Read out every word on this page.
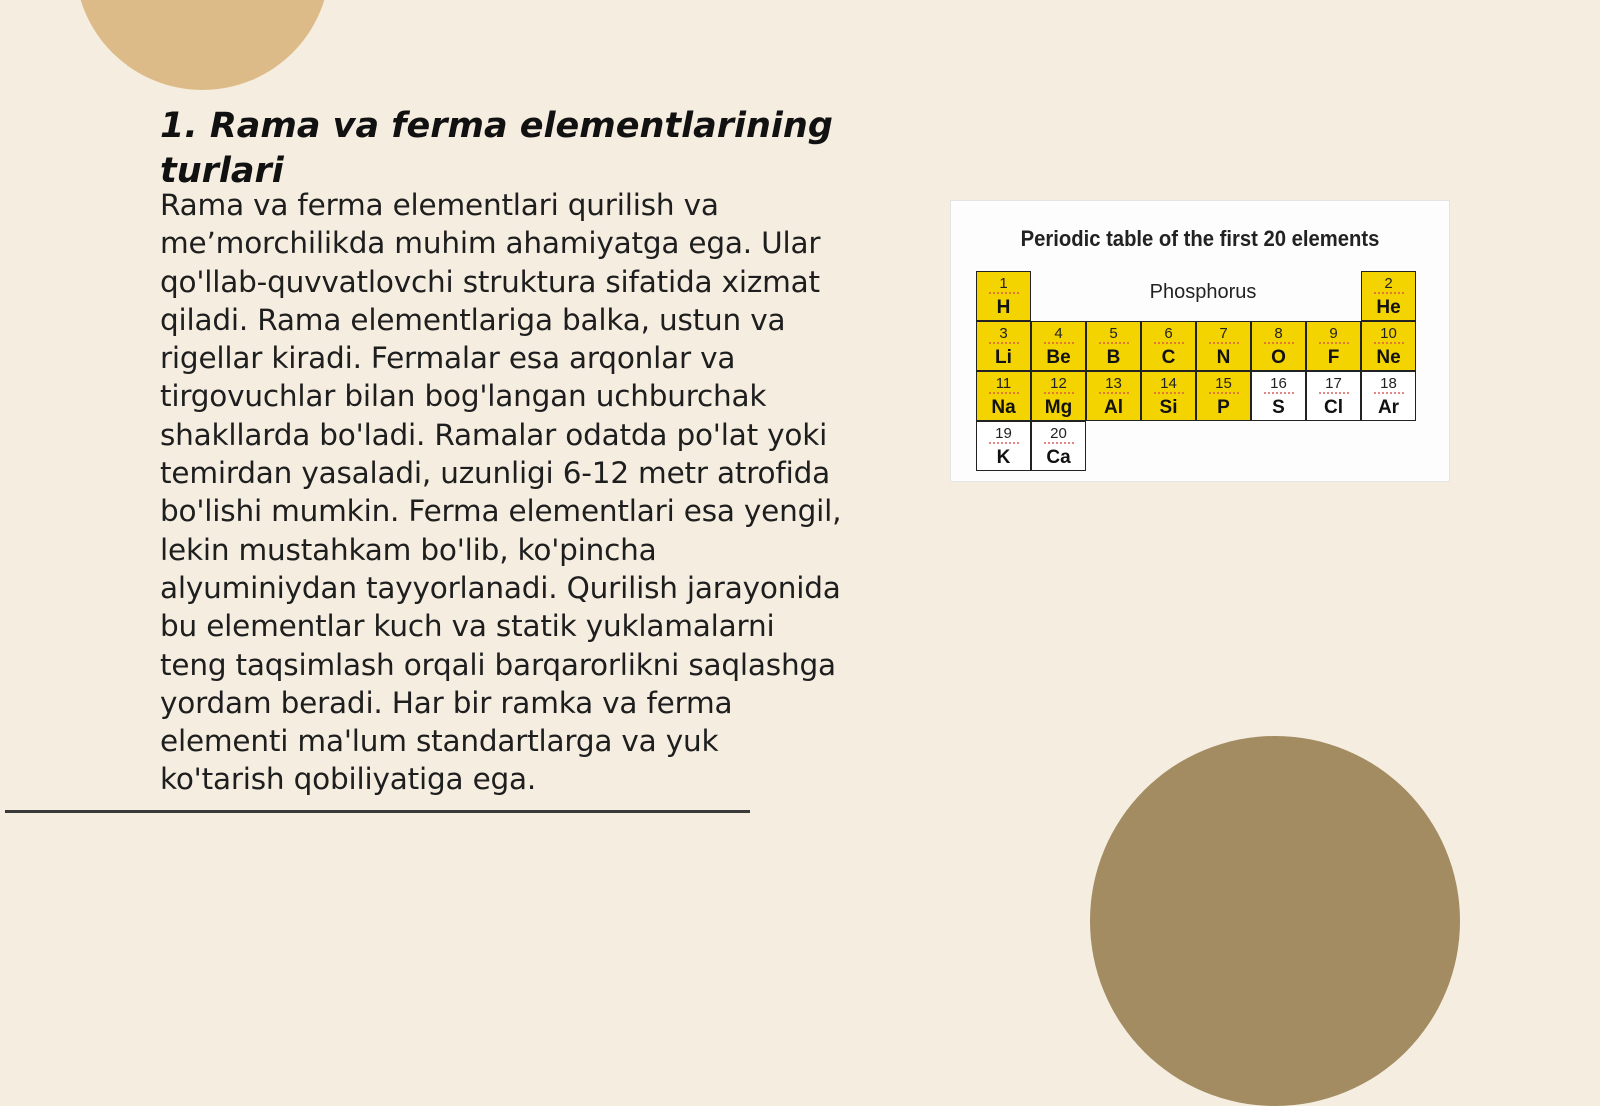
1. Rama va ferma elementlarining turlari

Rama va ferma elementlari qurilish va me’morchilikda muhim ahamiyatga ega. Ular qo'llab-quvvatlovchi struktura sifatida xizmat qiladi. Rama elementlariga balka, ustun va rigellar kiradi. Fermalar esa arqonlar va tirgovuchlar bilan bog'langan uchburchak shakllarda bo'ladi. Ramalar odatda po'lat yoki temirdan yasaladi, uzunligi 6-12 metr atrofida bo'lishi mumkin. Ferma elementlari esa yengil, lekin mustahkam bo'lib, ko'pincha alyuminiydan tayyorlanadi. Qurilish jarayonida bu elementlar kuch va statik yuklamalarni teng taqsimlash orqali barqarorlikni saqlashga yordam beradi. Har bir ramka va ferma elementi ma'lum standartlarga va yuk ko'tarish qobiliyatiga ega.

Periodic table of the first 20 elements
Phosphorus
1
H
2
He
3
Li
4
Be
5
B
6
C
7
N
8
O
9
F
10
Ne
11
Na
12
Mg
13
Al
14
Si
15
P
16
S
17
Cl
18
Ar
19
K
20
Ca
